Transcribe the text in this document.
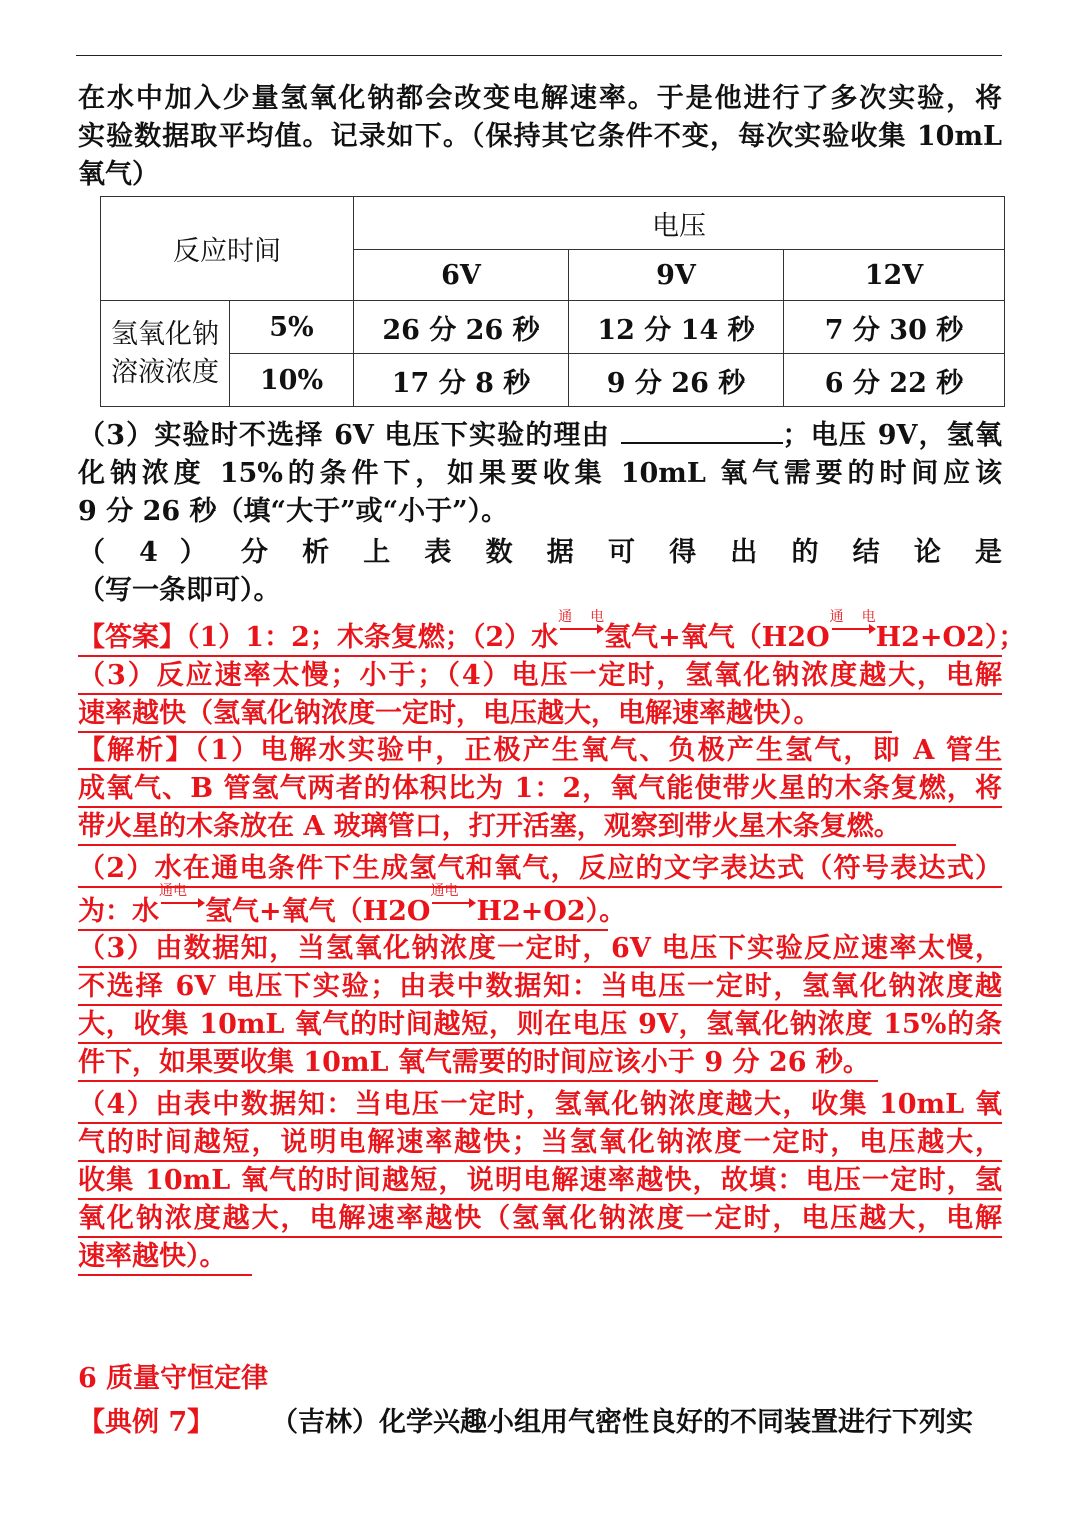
在水中加入少量氢氧化钠都会改变电解速率。于是他进行了多次实验，将
实验数据取平均值。记录如下。（保持其它条件不变，每次实验收集 10mL
氧气）
反应时间		电压		
		6V	9V	12V
氢氧化钠溶液浓度	5%	26 分 26 秒	12 分 14 秒	7 分 30 秒
	10%	17 分 8 秒	9 分 26 秒	6 分 22 秒
（3）实验时不选择 6V 电压下实验的理由	；电压 9V，氢氧
化钠浓度 15%的条件下，如果要收集 10mL 氧气需要的时间应该
9 分 26 秒（填“大于”或“小于”）。
（ 4 ） 分 析 上 表 数 据 可 得 出 的 结 论 是
（写一条即可）。
【答案】（1）1：2；木条复燃；（2）水
通电
氢气+氧气（H2O
通电
H2+O2）；
（3）反应速率太慢；小于；（4）电压一定时，氢氧化钠浓度越大，电解
速率越快（氢氧化钠浓度一定时，电压越大，电解速率越快）。
【解析】（1）电解水实验中，正极产生氧气、负极产生氢气，即 A 管生
成氧气、B 管氢气两者的体积比为 1：2，氧气能使带火星的木条复燃，将
带火星的木条放在 A 玻璃管口，打开活塞，观察到带火星木条复燃。
（2）水在通电条件下生成氢气和氧气，反应的文字表达式（符号表达式）
为：水
通电
氢气+氧气（H2O
通电
H2+O2）。
（3）由数据知，当氢氧化钠浓度一定时，6V 电压下实验反应速率太慢，
不选择 6V 电压下实验；由表中数据知：当电压一定时，氢氧化钠浓度越
大，收集 10mL 氧气的时间越短，则在电压 9V，氢氧化钠浓度 15%的条
件下，如果要收集 10mL 氧气需要的时间应该小于 9 分 26 秒。
（4）由表中数据知：当电压一定时，氢氧化钠浓度越大，收集 10mL 氧
气的时间越短，说明电解速率越快；当氢氧化钠浓度一定时，电压越大，
收集 10mL 氧气的时间越短，说明电解速率越快，故填：电压一定时，氢
氧化钠浓度越大，电解速率越快（氢氧化钠浓度一定时，电压越大，电解
速率越快）。
6 质量守恒定律
【典例 7】 （吉林）化学兴趣小组用气密性良好的不同装置进行下列实
